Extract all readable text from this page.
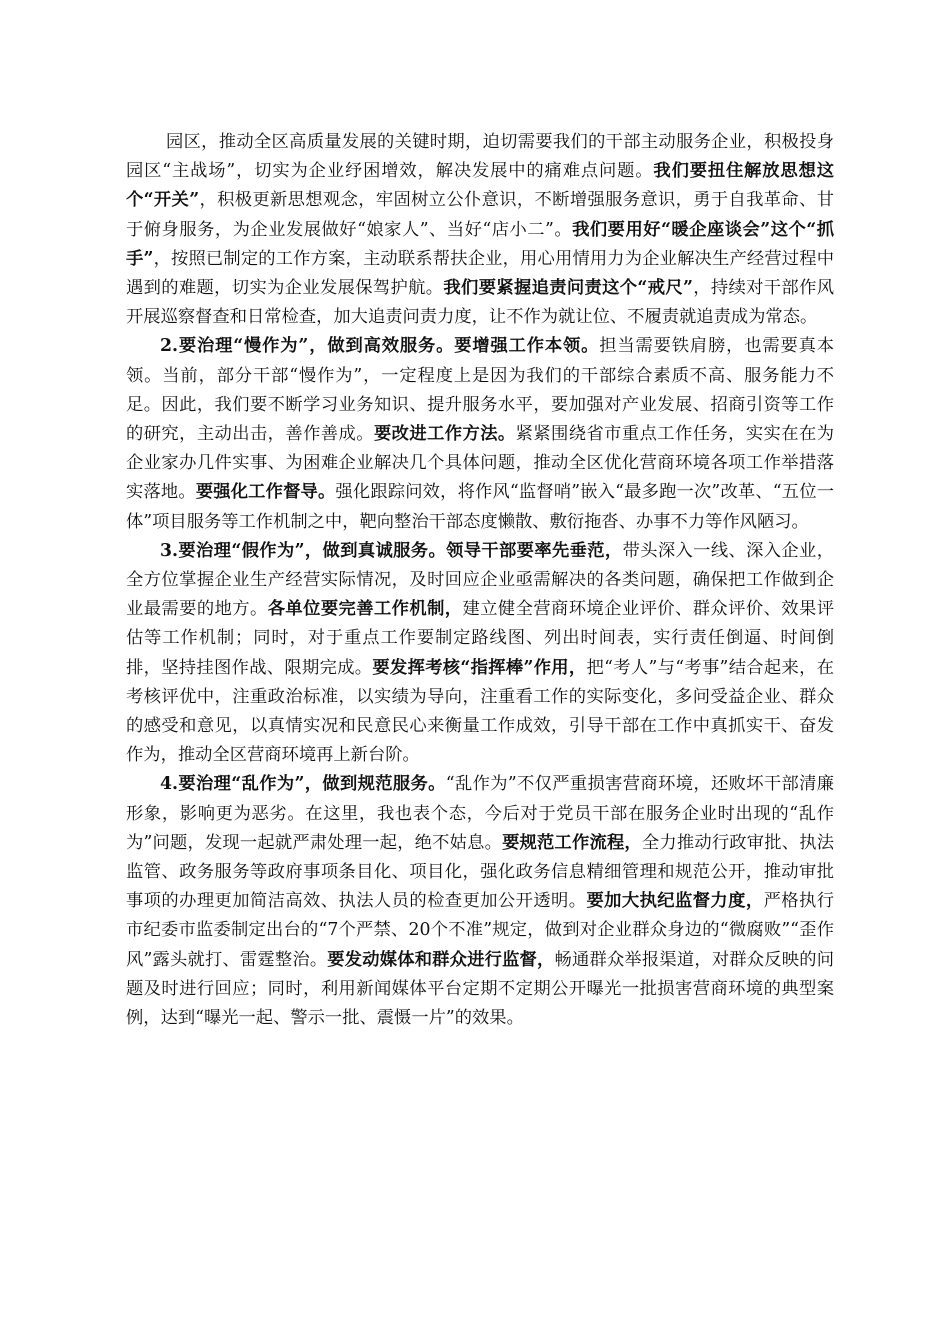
园区，推动全区高质量发展的关键时期，迫切需要我们的干部主动服务企业，积极投身园区“主战场”，切实为企业纾困增效，解决发展中的痛难点问题。我们要扭住解放思想这个“开关”，积极更新思想观念，牢固树立公仆意识，不断增强服务意识，勇于自我革命、甘于俯身服务，为企业发展做好“娘家人”、当好“店小二”。我们要用好“暖企座谈会”这个“抓手”，按照已制定的工作方案，主动联系帮扶企业，用心用情用力为企业解决生产经营过程中遇到的难题，切实为企业发展保驾护航。我们要紧握追责问责这个“戒尺”，持续对干部作风开展巡察督查和日常检查，加大追责问责力度，让不作为就让位、不履责就追责成为常态。

2.要治理“慢作为”，做到高效服务。要增强工作本领。担当需要铁肩膀，也需要真本领。当前，部分干部“慢作为”，一定程度上是因为我们的干部综合素质不高、服务能力不足。因此，我们要不断学习业务知识、提升服务水平，要加强对产业发展、招商引资等工作的研究，主动出击，善作善成。要改进工作方法。紧紧围绕省市重点工作任务，实实在在为企业家办几件实事、为困难企业解决几个具体问题，推动全区优化营商环境各项工作举措落实落地。要强化工作督导。强化跟踪问效，将作风“监督哨”嵌入“最多跑一次”改革、“五位一体”项目服务等工作机制之中，靶向整治干部态度懒散、敷衍拖沓、办事不力等作风陋习。

3.要治理“假作为”，做到真诚服务。领导干部要率先垂范，带头深入一线、深入企业，全方位掌握企业生产经营实际情况，及时回应企业亟需解决的各类问题，确保把工作做到企业最需要的地方。各单位要完善工作机制，建立健全营商环境企业评价、群众评价、效果评估等工作机制；同时，对于重点工作要制定路线图、列出时间表，实行责任倒逼、时间倒排，坚持挂图作战、限期完成。要发挥考核“指挥棒”作用，把“考人”与“考事”结合起来，在考核评优中，注重政治标准，以实绩为导向，注重看工作的实际变化，多问受益企业、群众的感受和意见，以真情实况和民意民心来衡量工作成效，引导干部在工作中真抓实干、奋发作为，推动全区营商环境再上新台阶。

4.要治理“乱作为”，做到规范服务。“乱作为”不仅严重损害营商环境，还败坏干部清廉形象，影响更为恶劣。在这里，我也表个态，今后对于党员干部在服务企业时出现的“乱作为”问题，发现一起就严肃处理一起，绝不姑息。要规范工作流程，全力推动行政审批、执法监管、政务服务等政府事项条目化、项目化，强化政务信息精细管理和规范公开，推动审批事项的办理更加简洁高效、执法人员的检查更加公开透明。要加大执纪监督力度，严格执行市纪委市监委制定出台的“7个严禁、20个不准”规定，做到对企业群众身边的“微腐败”“歪作风”露头就打、雷霆整治。要发动媒体和群众进行监督，畅通群众举报渠道，对群众反映的问题及时进行回应；同时，利用新闻媒体平台定期不定期公开曝光一批损害营商环境的典型案例，达到“曝光一起、警示一批、震慑一片”的效果。
